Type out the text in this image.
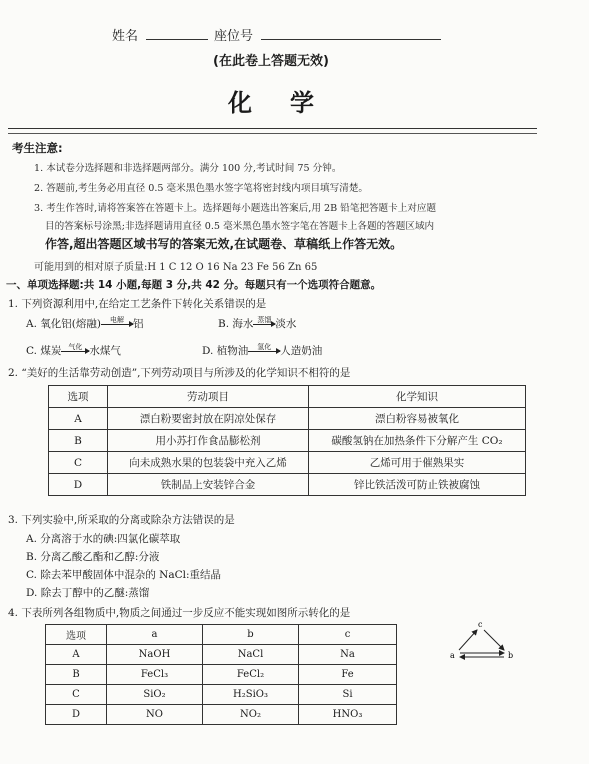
姓名	座位号
(在此卷上答题无效)
化学
考生注意:
1. 本试卷分选择题和非选择题两部分。满分 100 分,考试时间 75 分钟。
2. 答题前,考生务必用直径 0.5 毫米黑色墨水签字笔将密封线内项目填写清楚。
3. 考生作答时,请将答案答在答题卡上。选择题每小题选出答案后,用 2B 铅笔把答题卡上对应题
目的答案标号涂黑;非选择题请用直径 0.5 毫米黑色墨水签字笔在答题卡上各题的答题区域内
作答,超出答题区域书写的答案无效,在试题卷、草稿纸上作答无效。
可能用到的相对原子质量:H 1 C 12 O 16 Na 23 Fe 56 Zn 65
一、单项选择题:共 14 小题,每题 3 分,共 42 分。每题只有一个选项符合题意。
1. 下列资源利用中,在给定工艺条件下转化关系错误的是
A. 氧化铝(熔融)	电解 铝	B. 海水 蒸馏 淡水
C. 煤炭	气化 水煤气	D. 植物油	氢化 人造奶油
2. “美好的生活靠劳动创造”,下列劳动项目与所涉及的化学知识不相符的是
选项	劳动项目	化学知识
A	漂白粉要密封放在阴凉处保存	漂白粉容易被氧化
B	用小苏打作食品膨松剂	碳酸氢钠在加热条件下分解产生 CO₂
C	向未成熟水果的包装袋中充入乙烯	乙烯可用于催熟果实
D	铁制品上安装锌合金	锌比铁活泼可防止铁被腐蚀
3. 下列实验中,所采取的分离或除杂方法错误的是
A. 分离溶于水的碘:四氯化碳萃取
B. 分离乙酸乙酯和乙醇:分液
C. 除去苯甲酸固体中混杂的 NaCl:重结晶
D. 除去丁醇中的乙醚:蒸馏
4. 下表所列各组物质中,物质之间通过一步反应不能实现如图所示转化的是
选项	a	b	c
A	NaOH	NaCl	Na
B	FeCl₃	FeCl₂	Fe
C	SiO₂	H₂SiO₃	Si
D	NO	NO₂	HNO₃
c
a	b
